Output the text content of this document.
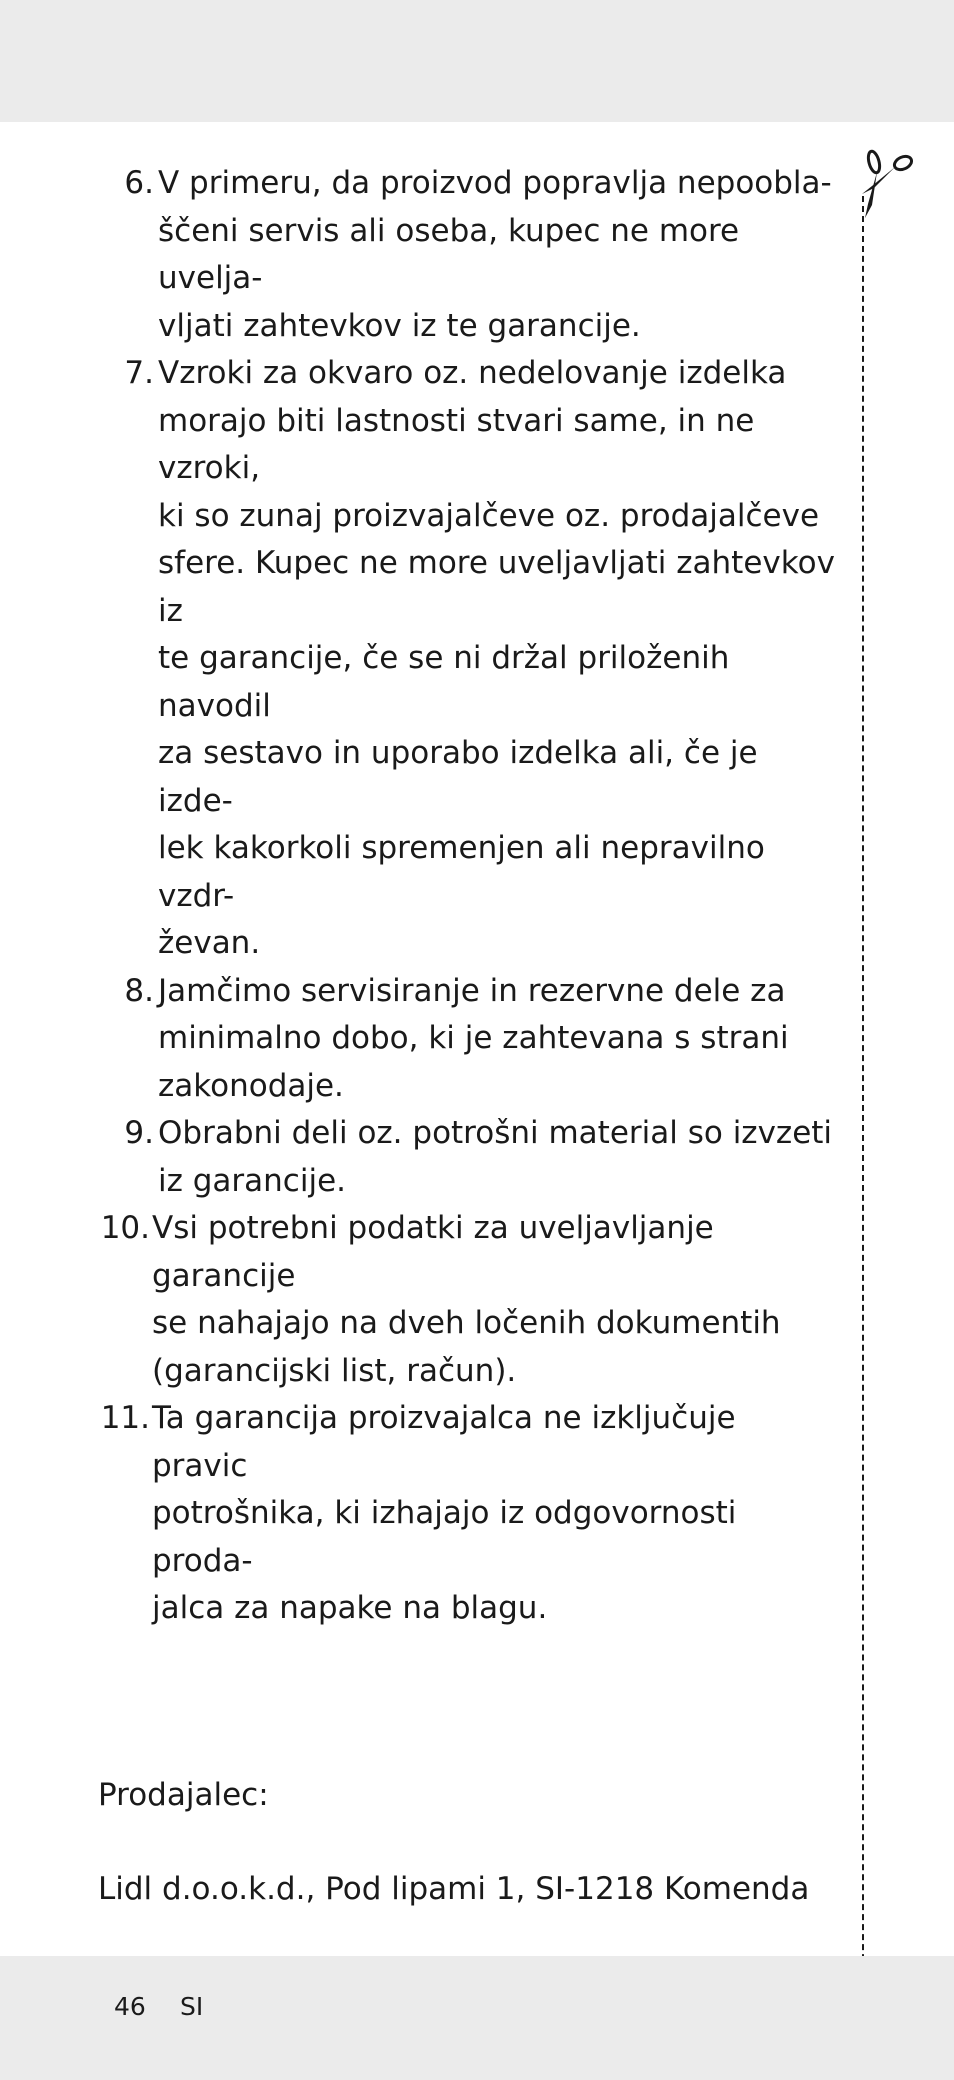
6. V primeru, da proizvod popravlja nepoobla-
ščeni servis ali oseba, kupec ne more uvelja-
vljati zahtevkov iz te garancije.
7. Vzroki za okvaro oz. nedelovanje izdelka
morajo biti lastnosti stvari same, in ne vzroki,
ki so zunaj proizvajalčeve oz. prodajalčeve
sfere. Kupec ne more uveljavljati zahtevkov iz
te garancije, če se ni držal priloženih navodil
za sestavo in uporabo izdelka ali, če je izde-
lek kakorkoli spremenjen ali nepravilno vzdr-
ževan.
8. Jamčimo servisiranje in rezervne dele za
minimalno dobo, ki je zahtevana s strani
zakonodaje.
9. Obrabni deli oz. potrošni material so izvzeti
iz garancije.
10. Vsi potrebni podatki za uveljavljanje garancije
se nahajajo na dveh ločenih dokumentih
(garancijski list, račun).
11. Ta garancija proizvajalca ne izključuje pravic
potrošnika, ki izhajajo iz odgovornosti proda-
jalca za napake na blagu.

Prodajalec:

Lidl d.o.o.k.d., Pod lipami 1, SI-1218 Komenda

46 SI
